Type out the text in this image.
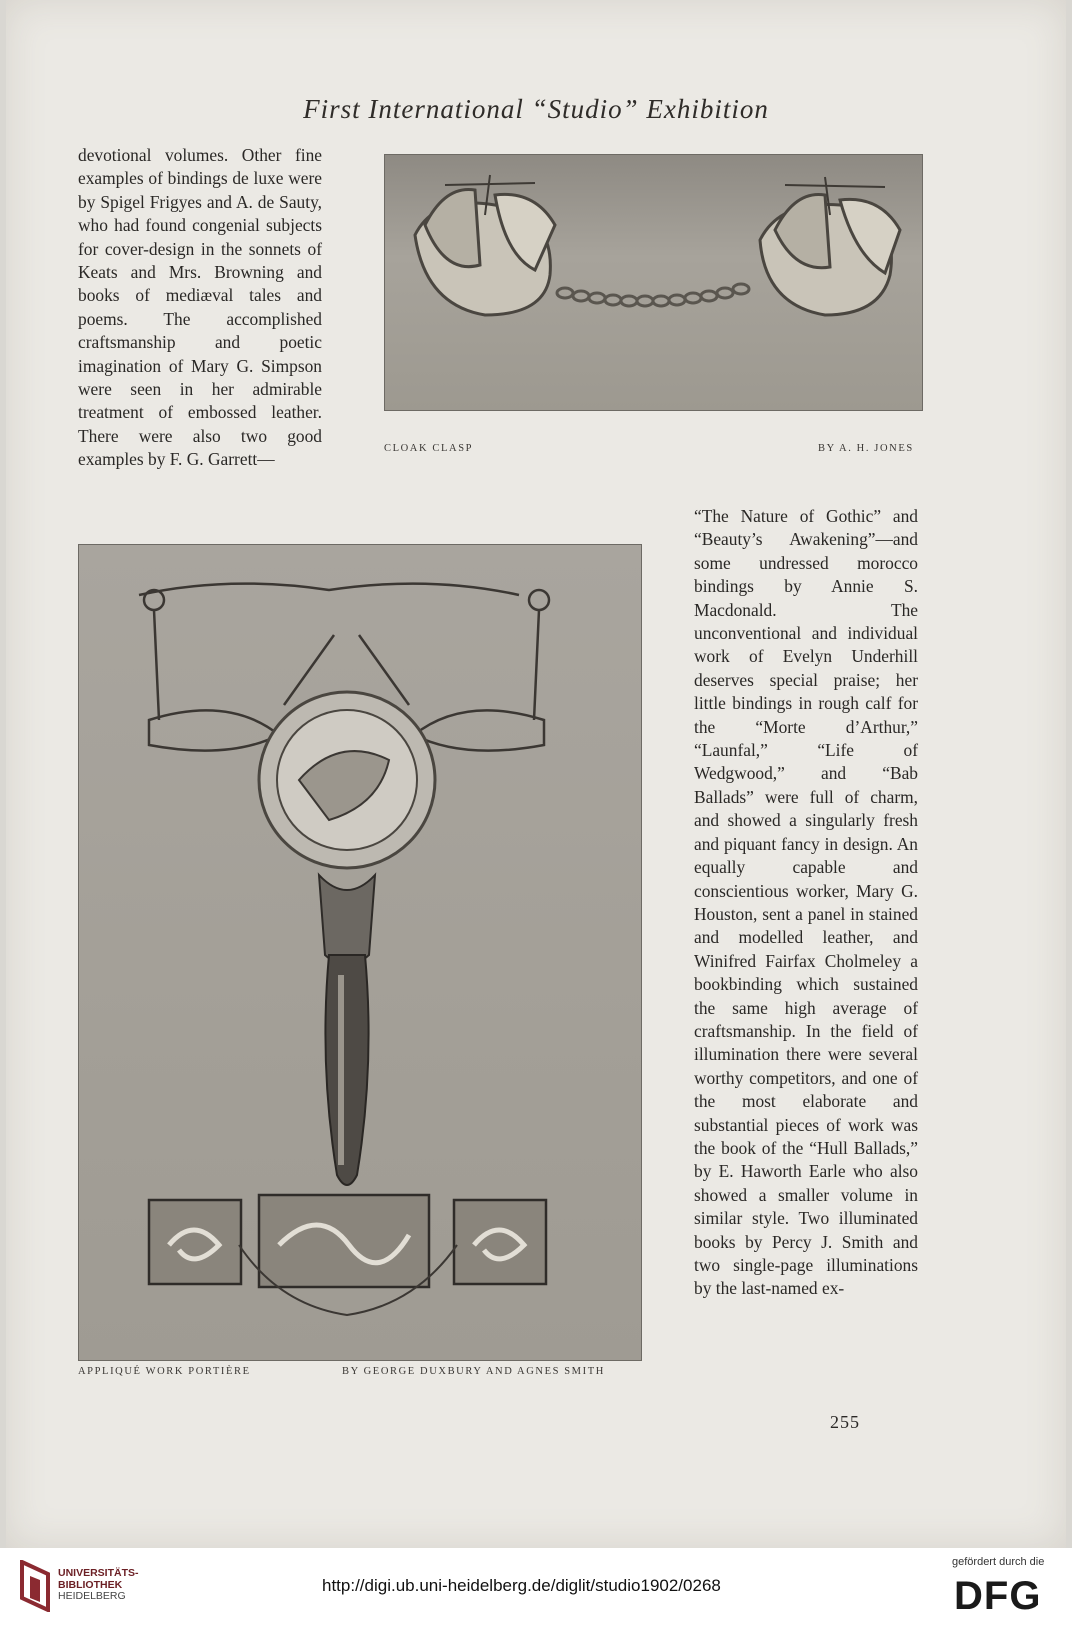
First International “Studio” Exhibition
devotional volumes. Other fine examples of bindings de luxe were by Spigel Frigyes and A. de Sauty, who had found congenial subjects for cover-design in the sonnets of Keats and Mrs. Browning and books of mediæval tales and poems. The accomplished craftsmanship and poetic imagination of Mary G. Simpson were seen in her admirable treatment of embossed leather. There were also two good examples by F. G. Garrett—
CLOAK CLASP	BY A. H. JONES
APPLIQUÉ WORK PORTIÈRE	BY GEORGE DUXBURY AND AGNES SMITH
“The Nature of Gothic” and “Beauty’s Awakening”—and some undressed morocco bindings by Annie S. Macdonald. The unconventional and individual work of Evelyn Underhill deserves special praise; her little bindings in rough calf for the “Morte d’Arthur,” “Launfal,” “Life of Wedgwood,” and “Bab Ballads” were full of charm, and showed a singularly fresh and piquant fancy in design. An equally capable and conscientious worker, Mary G. Houston, sent a panel in stained and modelled leather, and Winifred Fairfax Cholmeley a bookbinding which sustained the same high average of craftsmanship. In the field of illumination there were several worthy competitors, and one of the most elaborate and substantial pieces of work was the book of the “Hull Ballads,” by E. Haworth Earle who also showed a smaller volume in similar style. Two illuminated books by Percy J. Smith and two single-page illuminations by the last-named ex-
255
UNIVERSITÄTS-
BIBLIOTHEK
HEIDELBERG
http://digi.ub.uni-heidelberg.de/diglit/studio1902/0268
gefördert durch die
DFG
